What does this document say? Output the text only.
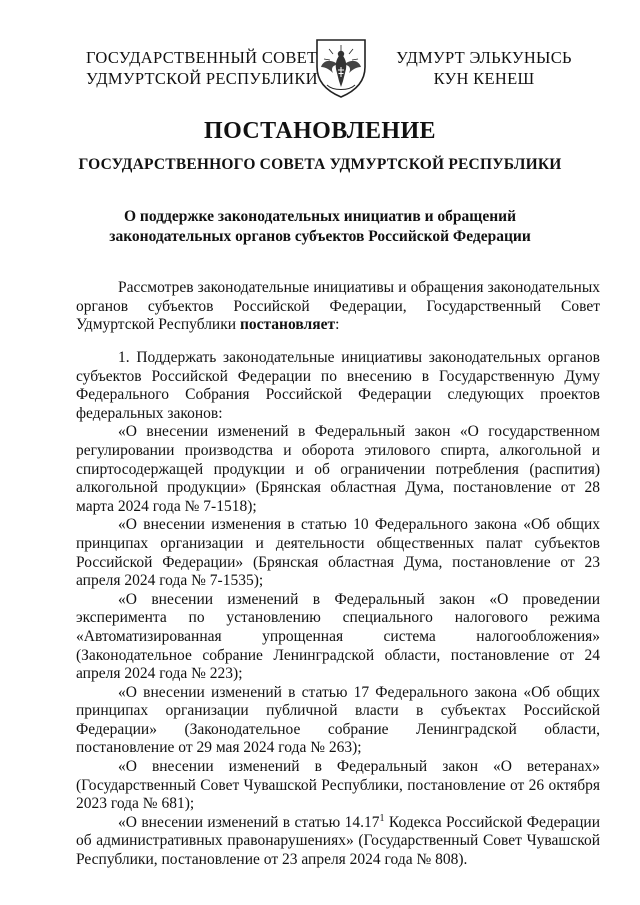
ГОСУДАРСТВЕННЫЙ СОВЕТ
УДМУРТСКОЙ РЕСПУБЛИКИ
УДМУРТ ЭЛЬКУНЫСЬ
КУН КЕНЕШ
ПОСТАНОВЛЕНИЕ
ГОСУДАРСТВЕННОГО СОВЕТА УДМУРТСКОЙ РЕСПУБЛИКИ
О поддержке законодательных инициатив и обращений
законодательных органов субъектов Российской Федерации

Рассмотрев законодательные инициативы и обращения законодательных органов субъектов Российской Федерации, Государственный Совет Удмуртской Республики постановляет:

1. Поддержать законодательные инициативы законодательных органов субъектов Российской Федерации по внесению в Государственную Думу Федерального Собрания Российской Федерации следующих проектов федеральных законов:

«О внесении изменений в Федеральный закон «О государственном регулировании производства и оборота этилового спирта, алкогольной и спиртосодержащей продукции и об ограничении потребления (распития) алкогольной продукции» (Брянская областная Дума, постановление от 28 марта 2024 года № 7-1518);

«О внесении изменения в статью 10 Федерального закона «Об общих принципах организации и деятельности общественных палат субъектов Российской Федерации» (Брянская областная Дума, постановление от 23 апреля 2024 года № 7-1535);

«О внесении изменений в Федеральный закон «О проведении эксперимента по установлению специального налогового режима «Автоматизированная упрощенная система налогообложения» (Законодательное собрание Ленинградской области, постановление от 24 апреля 2024 года № 223);

«О внесении изменений в статью 17 Федерального закона «Об общих принципах организации публичной власти в субъектах Российской Федерации» (Законодательное собрание Ленинградской области, постановление от 29 мая 2024 года № 263);

«О внесении изменений в Федеральный закон «О ветеранах» (Государственный Совет Чувашской Республики, постановление от 26 октября 2023 года № 681);

«О внесении изменений в статью 14.17$^1$ Кодекса Российской Федерации об административных правонарушениях» (Государственный Совет Чувашской Республики, постановление от 23 апреля 2024 года № 808).
